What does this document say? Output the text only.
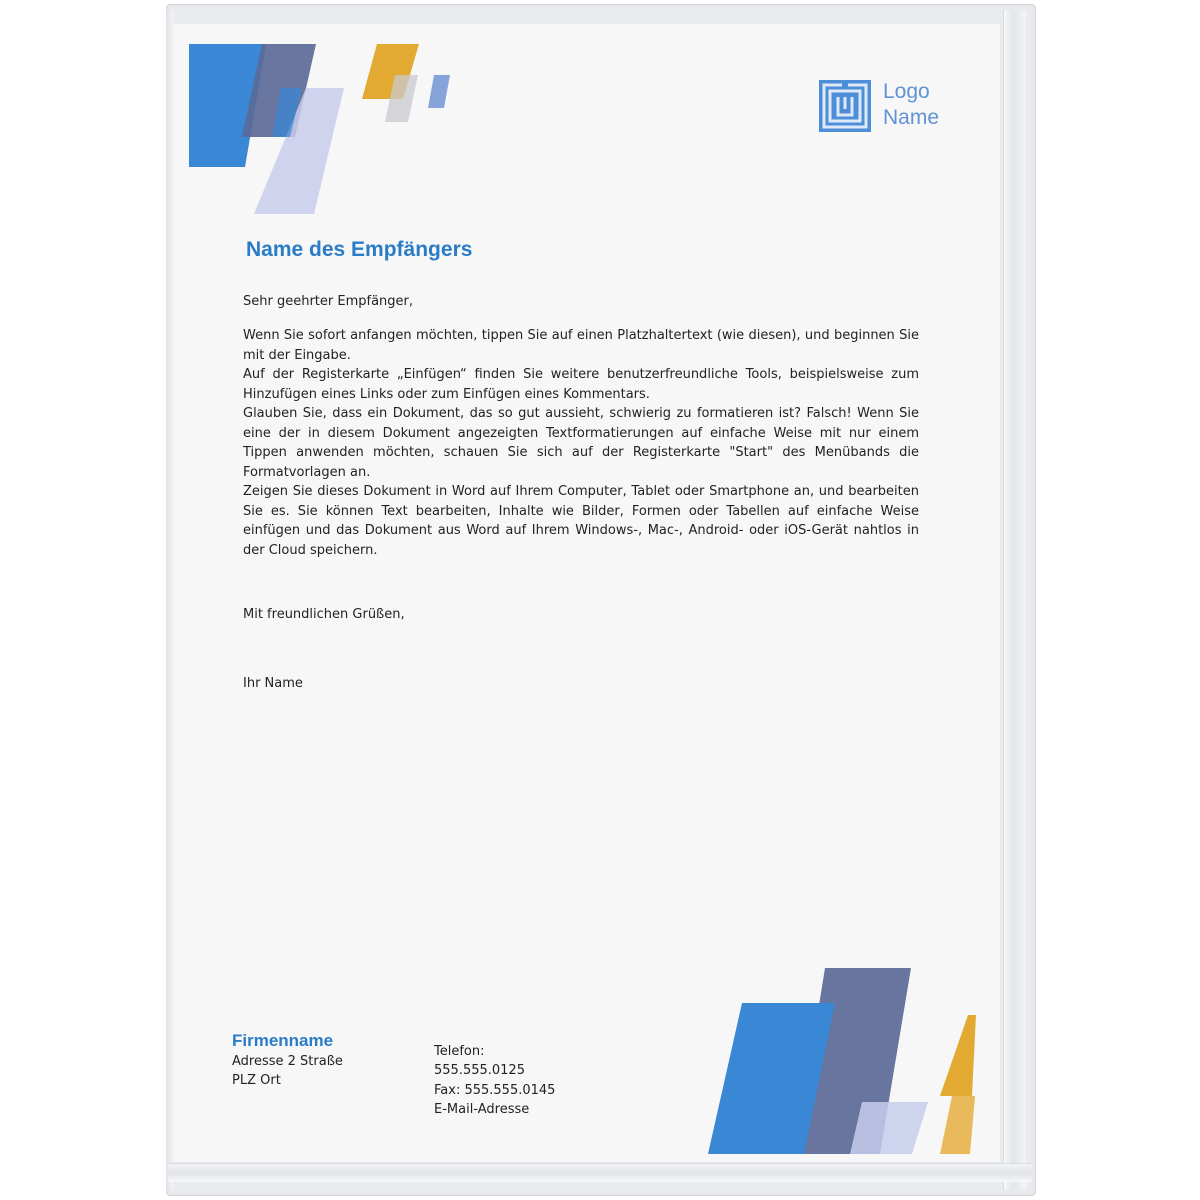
Logo
Name
Name des Empfängers
Sehr geehrter Empfänger,

Wenn Sie sofort anfangen möchten, tippen Sie auf einen Platzhaltertext (wie diesen), und beginnen Sie mit der Eingabe.

Auf der Registerkarte „Einfügen“ finden Sie weitere benutzerfreundliche Tools, beispielsweise zum Hinzufügen eines Links oder zum Einfügen eines Kommentars.

Glauben Sie, dass ein Dokument, das so gut aussieht, schwierig zu formatieren ist? Falsch! Wenn Sie eine der in diesem Dokument angezeigten Textformatierungen auf einfache Weise mit nur einem Tippen anwenden möchten, schauen Sie sich auf der Registerkarte "Start" des Menübands die Formatvorlagen an.

Zeigen Sie dieses Dokument in Word auf Ihrem Computer, Tablet oder Smartphone an, und bearbeiten Sie es. Sie können Text bearbeiten, Inhalte wie Bilder, Formen oder Tabellen auf einfache Weise einfügen und das Dokument aus Word auf Ihrem Windows-, Mac-, Android- oder iOS-Gerät nahtlos in der Cloud speichern.

Mit freundlichen Grüßen,
Ihr Name
Firmenname
Adresse 2 Straße
PLZ Ort
Telefon:
555.555.0125
Fax: 555.555.0145
E-Mail-Adresse
